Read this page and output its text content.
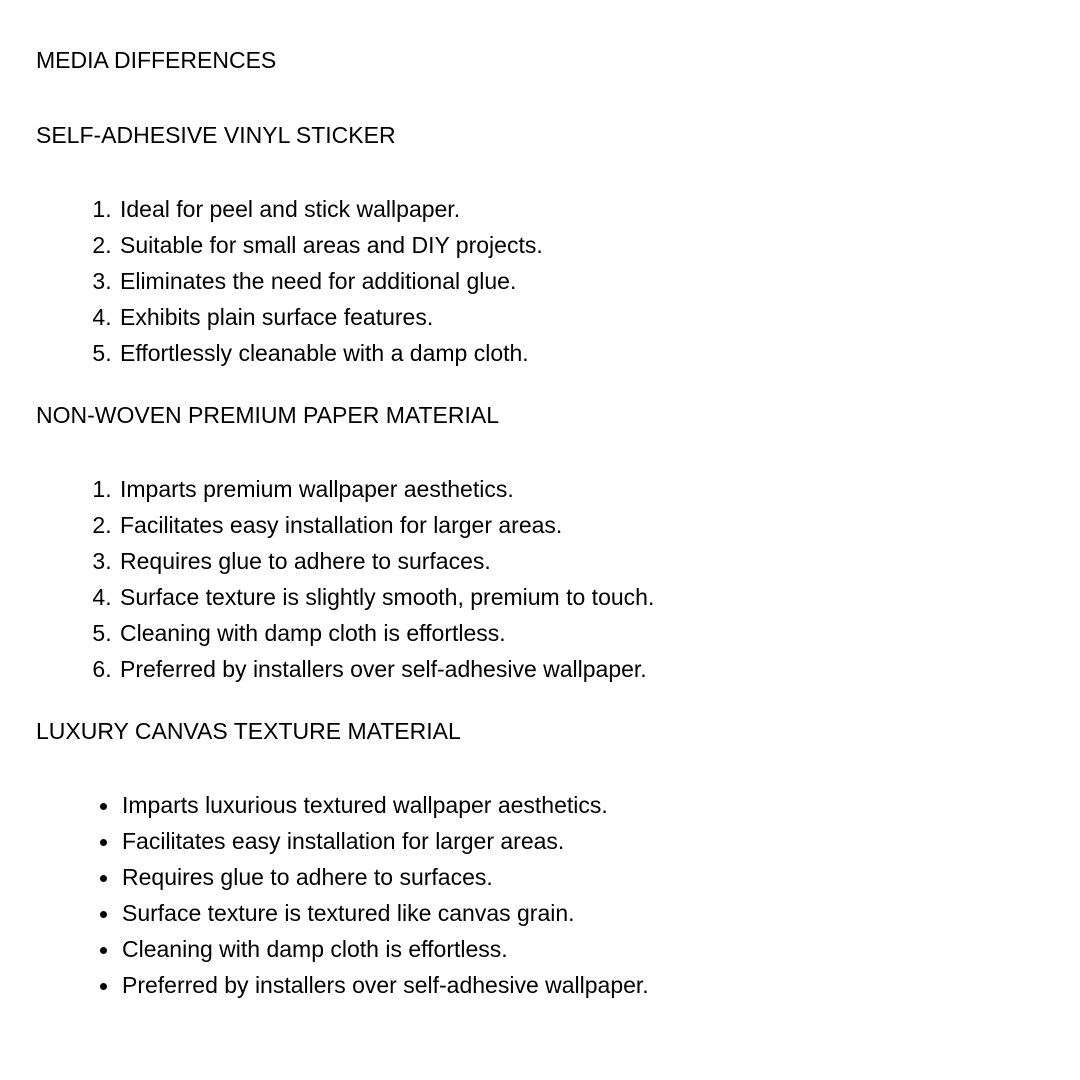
MEDIA DIFFERENCES
SELF-ADHESIVE VINYL STICKER
1. Ideal for peel and stick wallpaper.
2. Suitable for small areas and DIY projects.
3. Eliminates the need for additional glue.
4. Exhibits plain surface features.
5. Effortlessly cleanable with a damp cloth.
NON-WOVEN PREMIUM PAPER MATERIAL
1. Imparts premium wallpaper aesthetics.
2. Facilitates easy installation for larger areas.
3. Requires glue to adhere to surfaces.
4. Surface texture is slightly smooth, premium to touch.
5. Cleaning with damp cloth is effortless.
6. Preferred by installers over self-adhesive wallpaper.
LUXURY CANVAS TEXTURE MATERIAL
• Imparts luxurious textured wallpaper aesthetics.
• Facilitates easy installation for larger areas.
• Requires glue to adhere to surfaces.
• Surface texture is textured like canvas grain.
• Cleaning with damp cloth is effortless.
• Preferred by installers over self-adhesive wallpaper.
